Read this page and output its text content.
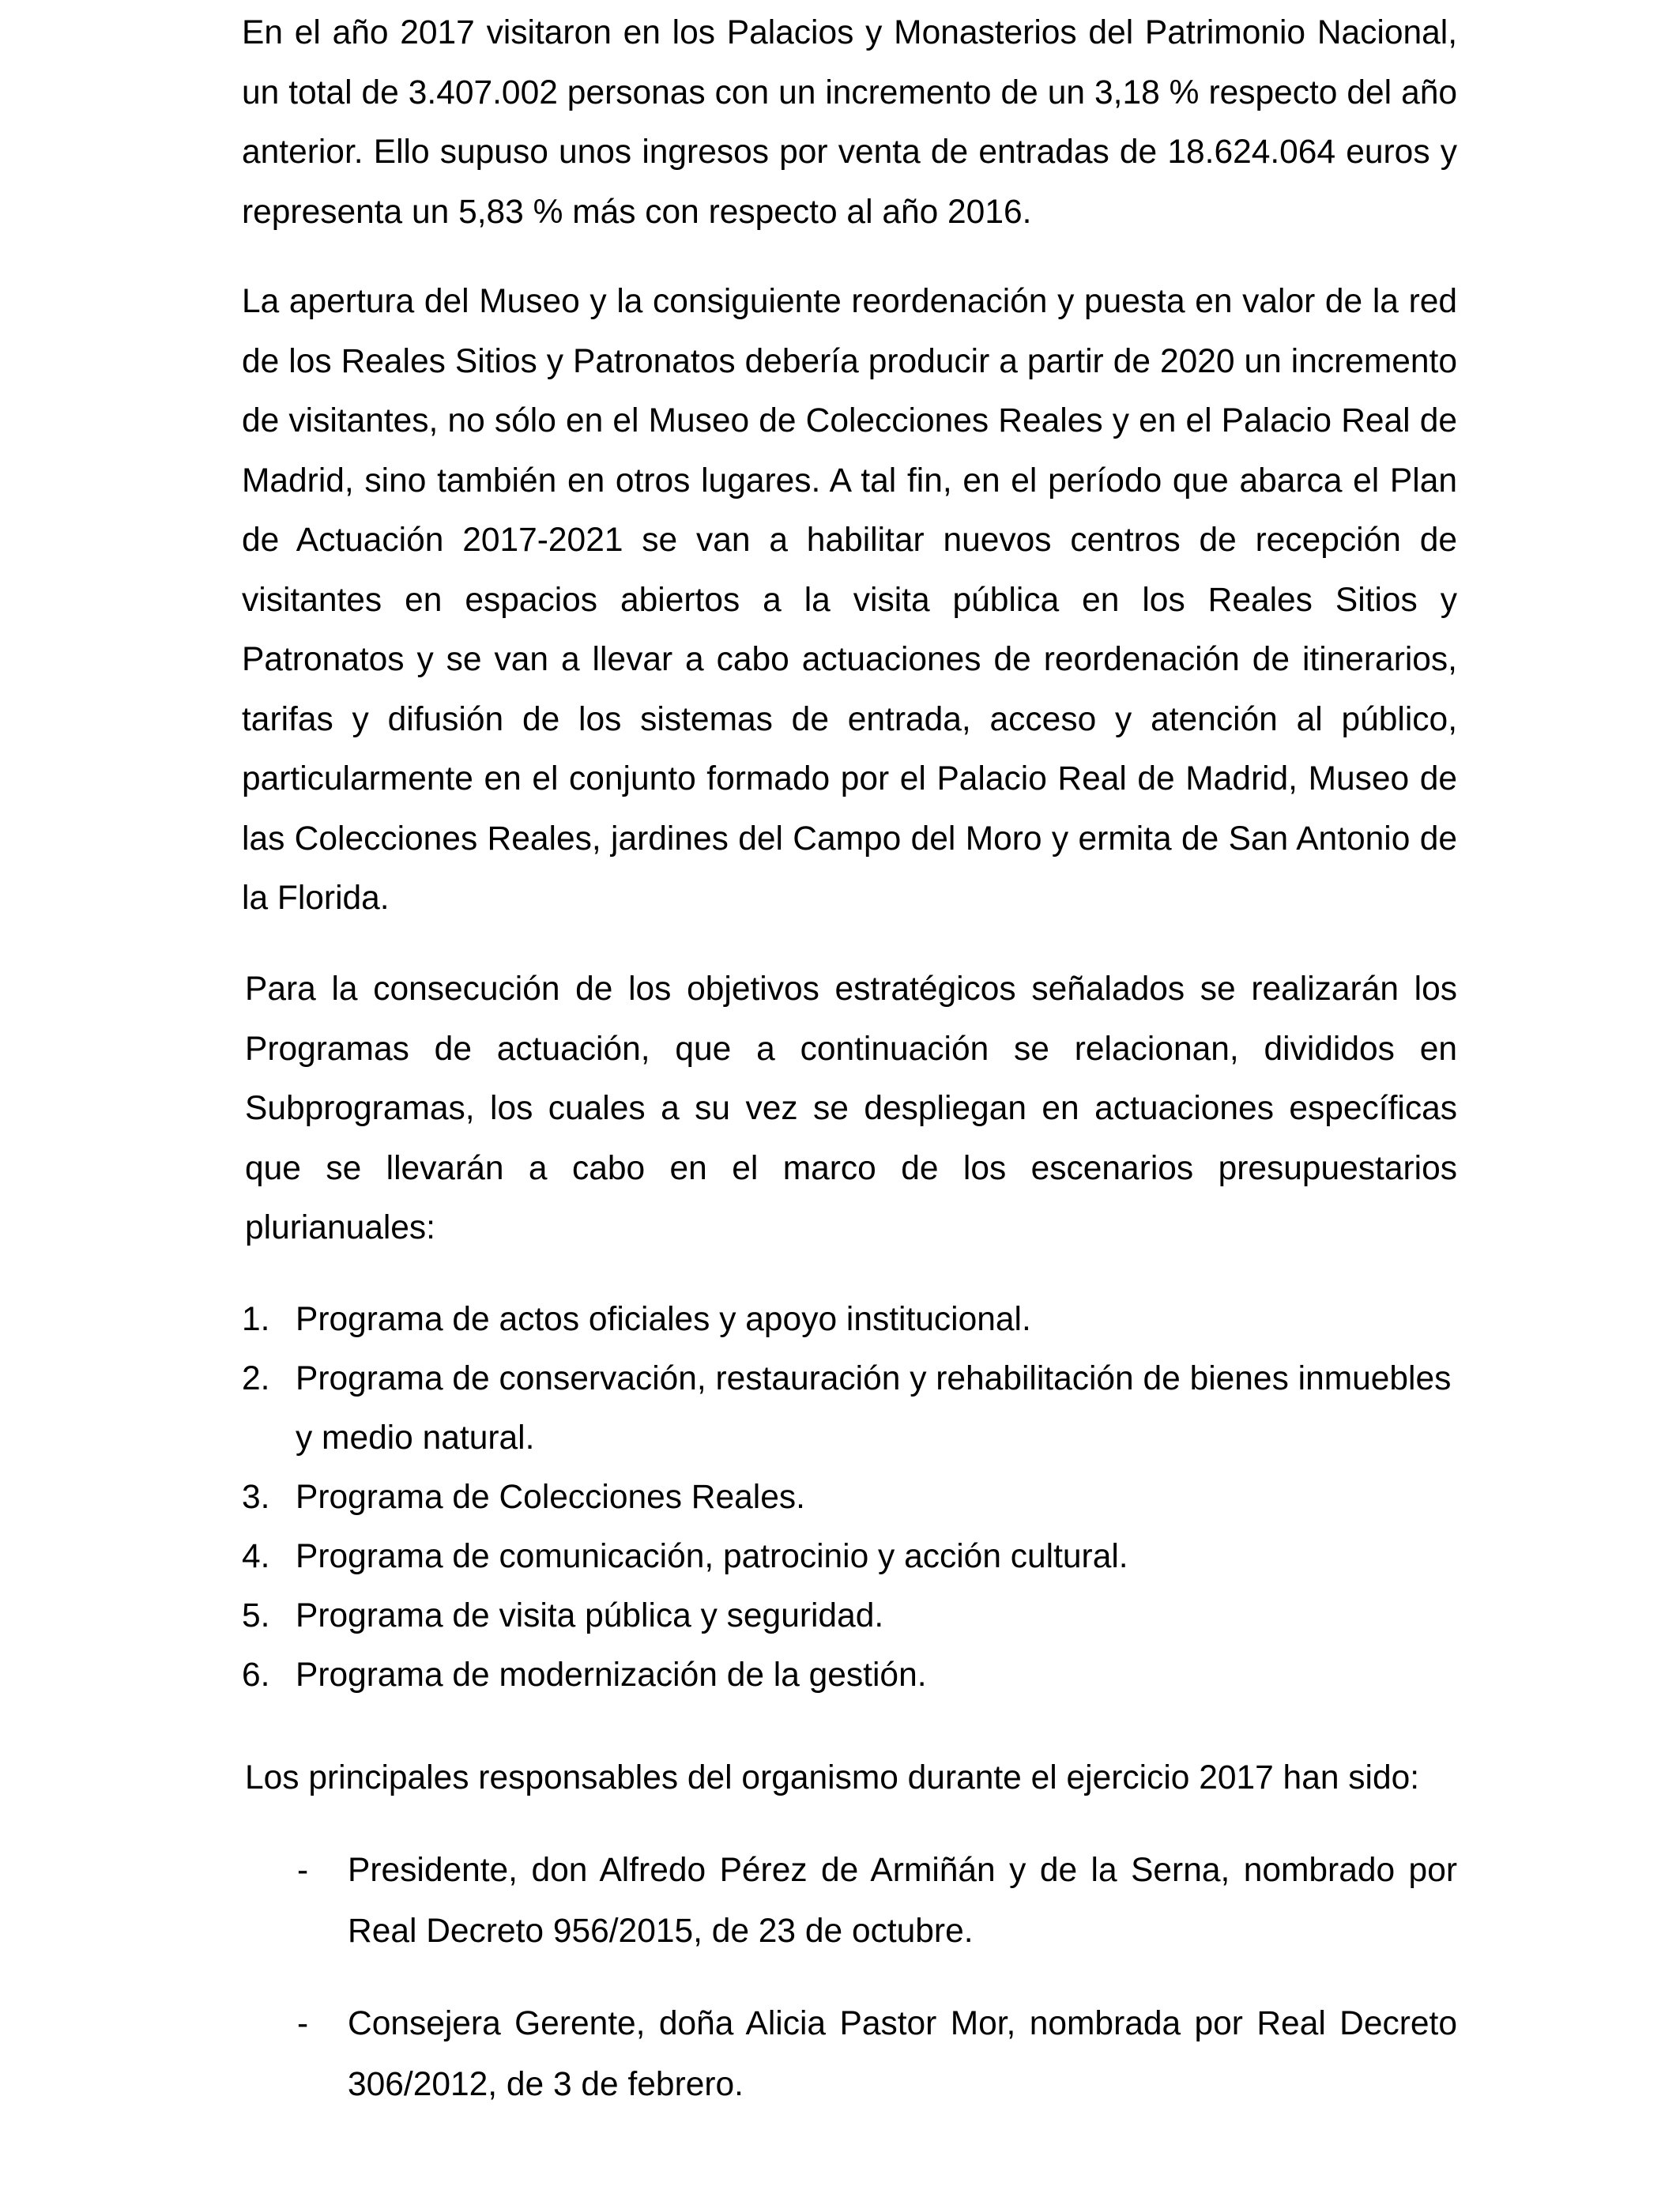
En el año 2017 visitaron en los Palacios y Monasterios del Patrimonio Nacional, un total de 3.407.002 personas con un incremento de un 3,18 % respecto del año anterior. Ello supuso unos ingresos por venta de entradas de 18.624.064 euros y representa un 5,83 % más con respecto al año 2016.

La apertura del Museo y la consiguiente reordenación y puesta en valor de la red de los Reales Sitios y Patronatos debería producir a partir de 2020 un incremento de visitantes, no sólo en el Museo de Colecciones Reales y en el Palacio Real de Madrid, sino también en otros lugares. A tal fin, en el período que abarca el Plan de Actuación 2017-2021 se van a habilitar nuevos centros de recepción de visitantes en espacios abiertos a la visita pública en los Reales Sitios y Patronatos y se van a llevar a cabo actuaciones de reordenación de itinerarios, tarifas y difusión de los sistemas de entrada, acceso y atención al público, particularmente en el conjunto formado por el Palacio Real de Madrid, Museo de las Colecciones Reales, jardines del Campo del Moro y ermita de San Antonio de la Florida.

Para la consecución de los objetivos estratégicos señalados se realizarán los Programas de actuación, que a continuación se relacionan, divididos en Subprogramas, los cuales a su vez se despliegan en actuaciones específicas que se llevarán a cabo en el marco de los escenarios presupuestarios plurianuales:

1. Programa de actos oficiales y apoyo institucional.
2. Programa de conservación, restauración y rehabilitación de bienes inmuebles y medio natural.
3. Programa de Colecciones Reales.
4. Programa de comunicación, patrocinio y acción cultural.
5. Programa de visita pública y seguridad.
6. Programa de modernización de la gestión.

Los principales responsables del organismo durante el ejercicio 2017 han sido:

- Presidente, don Alfredo Pérez de Armiñán y de la Serna, nombrado por Real Decreto 956/2015, de 23 de octubre.
- Consejera Gerente, doña Alicia Pastor Mor, nombrada por Real Decreto 306/2012, de 3 de febrero.
